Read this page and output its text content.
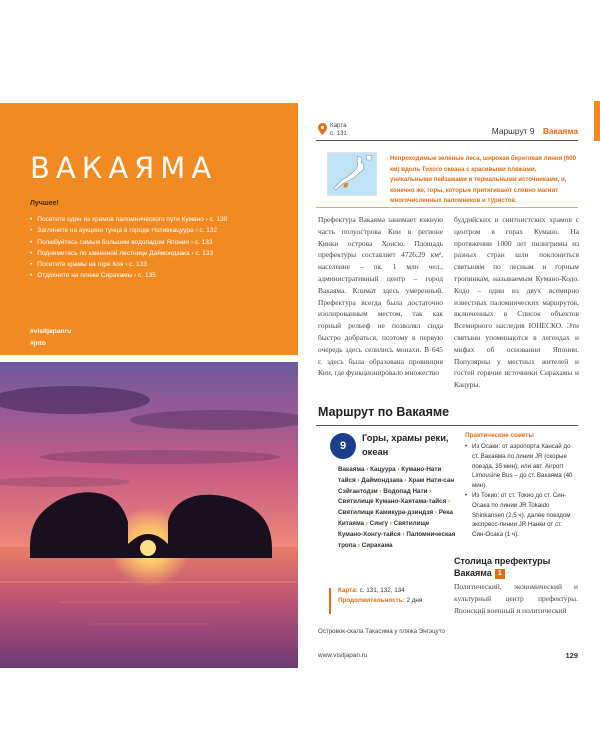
ВАКАЯМА
Лучшее!
• Посетите один из храмов паломнического пути Кумано › с. 130
• Загляните на аукцион тунца в городе Нативкацуура › с. 132
• Полюбуйтесь самым большим водопадом Японии › с. 133
• Поднимитесь по каменной лестнице Даймондзака › с. 133
• Посетите храмы на горе Коя › с. 133
• Отдохните на пляже Сирахамы › с. 135
#visitjapanru
#jnto
Карта
с. 131	Маршрут 9 Вакаяма
Непроходимые зеленые леса, широкая береговая линия (600 км) вдоль Тихого океана с красивыми пляжами, уникальными пейзажами и термальными источниками, и, конечно же, горы, которые притягивают словно магнит многочисленных паломников и туристов.
Префектура Вакаяма занимает южную часть полуострова Кии в регионе Кинки острова Хонсю. Площадь префектуры составляет 4726,29 км², население – ок. 1 млн чел., административный центр – город Вакаяма. Климат здесь умеренный. Префектура всегда была достаточно изолированным местом, так как горный рельеф не позволял сюда быстро добраться, поэтому в первую очередь здесь селились монахи. В 645 г. здесь была образована провинция Кии, где функционировало множество
буддийских и синтоистских храмов с центром в горах Кумано. На протяжении 1000 лет пилигримы из разных стран шли поклониться святыням по лесным и горным тропинкам, называемым Кумано-Кодо. Кодо – один из двух всемирно известных паломнических маршрутов, включенных в Список объектов Всемирного наследия ЮНЕСКО. Эти святыни упоминаются в легендах и мифах об основании Японии. Популярны у местных жителей и гостей горячие источники Сирахамы и Кацуры.
Маршрут по Вакаяме
9
Горы, храмы реки, океан
Вакаяма › Кацуура › Кумано-Нати тайся › Даймондзака › Храм Нати-сан Сэйгантодзи › Водопад Нати › Святилище Кумано-Хаятама-тайся › Святилище Камикура-дзиндзя › Река Китаяма › Сингу › Святилище Кумано-Хонгу-тайся › Паломническая тропа › Сирахама
Карта: с. 131, 132, 134
Продолжительность: 2 дня
Практические советы
• Из Осаки: от аэропорта Кансай до ст. Вакаяма по линии JR (скорые поезда, 35 мин); или авт. Airport Limousine Bus – до ст. Вакаяма (40 мин).
• Из Токио: от ст. Токио до ст. Син-Осака по линии JR Tokaido Shinkansen (2,5 ч), далее поездом экспресс-линии JR Нанки от ст. Син-Осака (1 ч).
Столица префектуры Вакаяма 1
Политический, экономический и культурный центр префектуры. Японский военный и политический
Островок-скала Такасима у пляжа Энгэцуто
www.visitjapan.ru	129
